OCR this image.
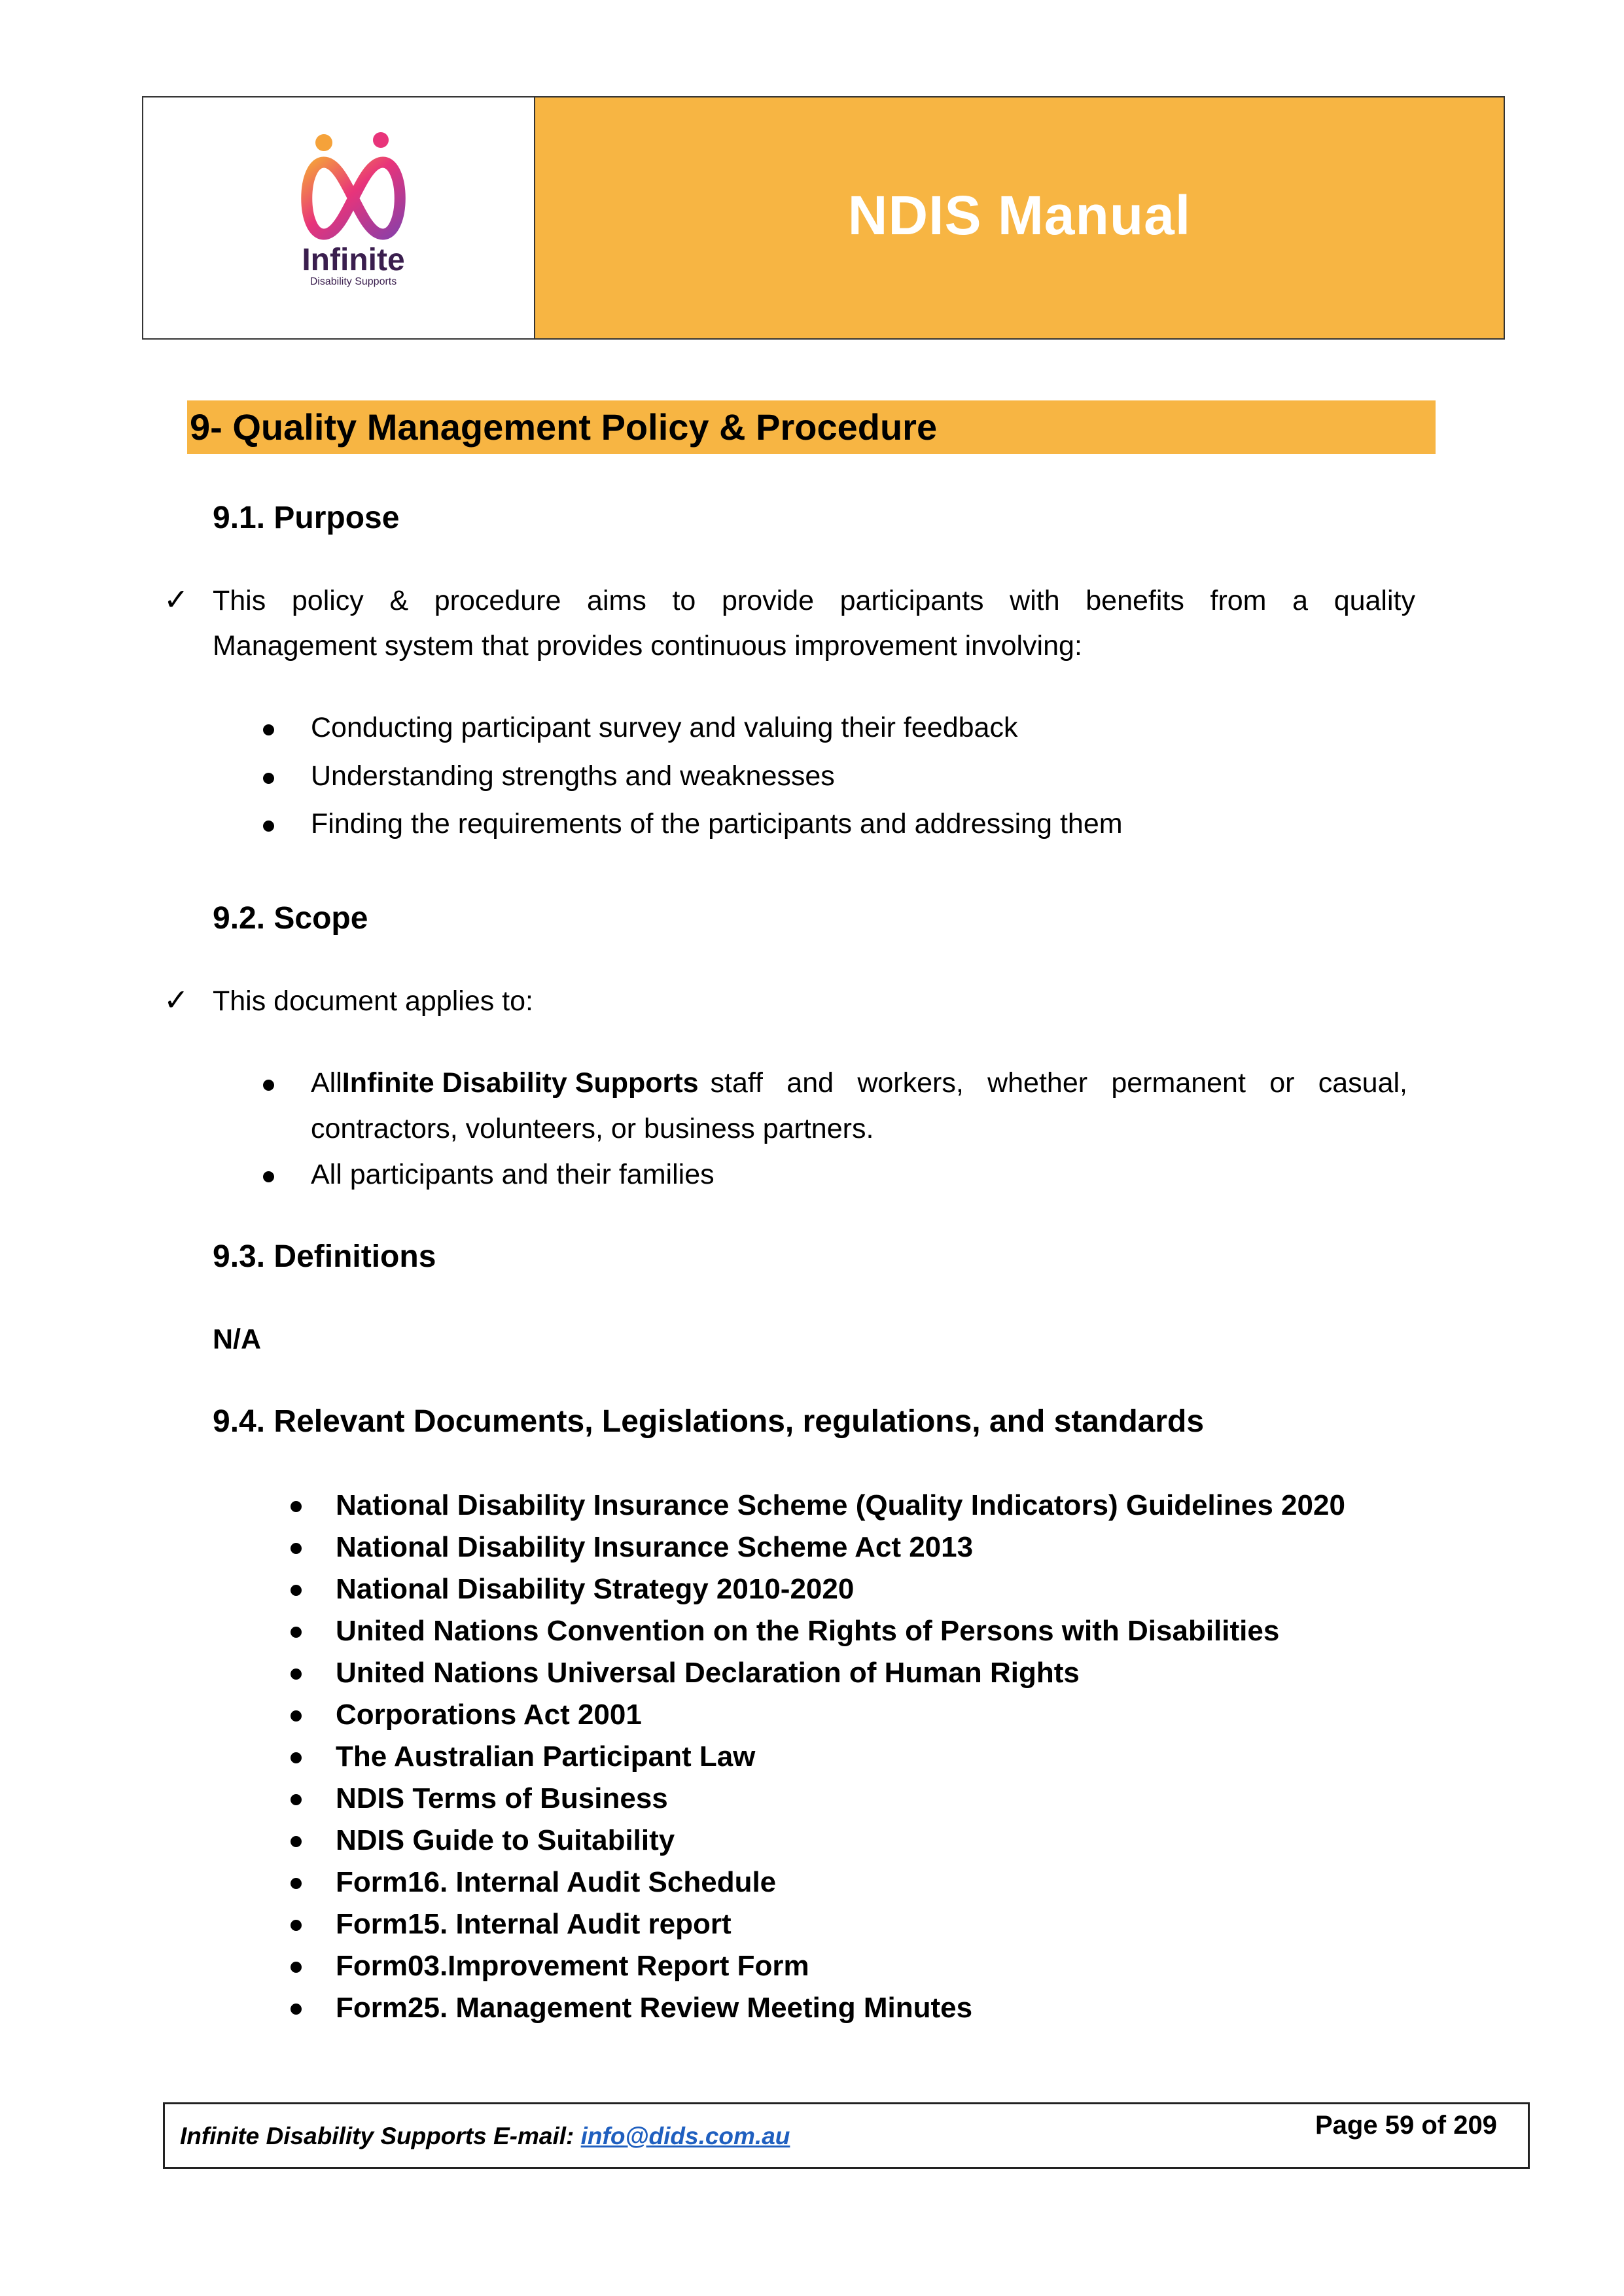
Infinite
Disability Supports
NDIS Manual
9- Quality Management Policy & Procedure
9.1. Purpose
✓ This policy & procedure aims to provide participants with benefits from a quality
Management system that provides continuous improvement involving:
Conducting participant survey and valuing their feedback
Understanding strengths and weaknesses
Finding the requirements of the participants and addressing them
9.2. Scope
✓ This document applies to:
All Infinite Disability Supports staff and workers, whether permanent or casual,
contractors, volunteers, or business partners.
All participants and their families
9.3. Definitions
N/A
9.4. Relevant Documents, Legislations, regulations, and standards
National Disability Insurance Scheme (Quality Indicators) Guidelines 2020
National Disability Insurance Scheme Act 2013
National Disability Strategy 2010-2020
United Nations Convention on the Rights of Persons with Disabilities
United Nations Universal Declaration of Human Rights
Corporations Act 2001
The Australian Participant Law
NDIS Terms of Business
NDIS Guide to Suitability
Form16. Internal Audit Schedule
Form15. Internal Audit report
Form03.Improvement Report Form
Form25. Management Review Meeting Minutes
Infinite Disability Supports E-mail: info@dids.com.au	Page 59 of 209
